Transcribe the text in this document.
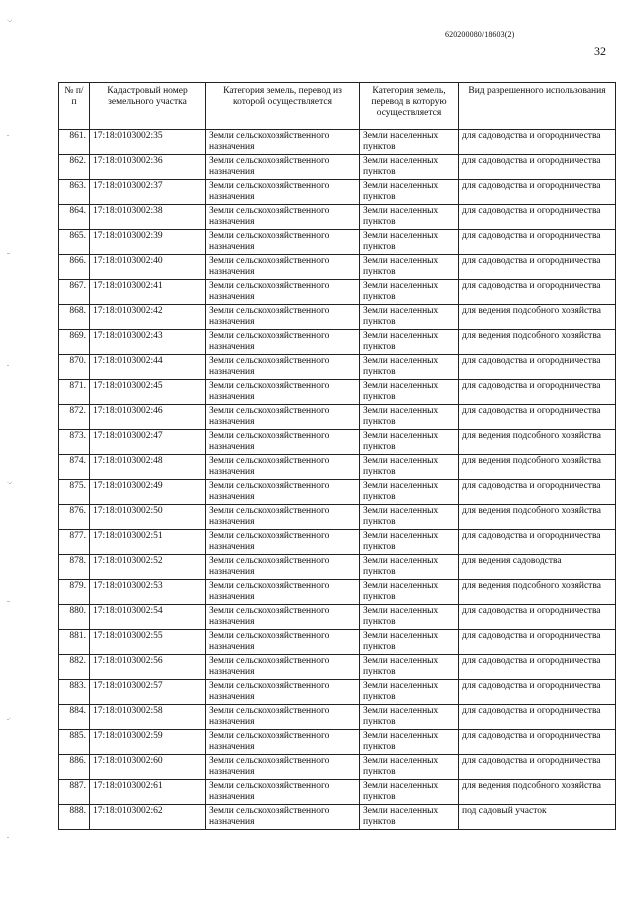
620200080/18603(2)
32
·..·
..
...
..
·..·
...
..·
..
№ п/п	Кадастровый номер земельного участка	Категория земель, перевод из которой осуществляется	Категория земель, перевод в которую осуществляется	Вид разрешенного использования
861.	17:18:0103002:35	Земли сельскохозяйственного назначения	Земли населенных пунктов	для садоводства и огородничества
862.	17:18:0103002:36	Земли сельскохозяйственного назначения	Земли населенных пунктов	для садоводства и огородничества
863.	17:18:0103002:37	Земли сельскохозяйственного назначения	Земли населенных пунктов	для садоводства и огородничества
864.	17:18:0103002:38	Земли сельскохозяйственного назначения	Земли населенных пунктов	для садоводства и огородничества
865.	17:18:0103002:39	Земли сельскохозяйственного назначения	Земли населенных пунктов	для садоводства и огородничества
866.	17:18:0103002:40	Земли сельскохозяйственного назначения	Земли населенных пунктов	для садоводства и огородничества
867.	17:18:0103002:41	Земли сельскохозяйственного назначения	Земли населенных пунктов	для садоводства и огородничества
868.	17:18:0103002:42	Земли сельскохозяйственного назначения	Земли населенных пунктов	для ведения подсобного хозяйства
869.	17:18:0103002:43	Земли сельскохозяйственного назначения	Земли населенных пунктов	для ведения подсобного хозяйства
870.	17:18:0103002:44	Земли сельскохозяйственного назначения	Земли населенных пунктов	для садоводства и огородничества
871.	17:18:0103002:45	Земли сельскохозяйственного назначения	Земли населенных пунктов	для садоводства и огородничества
872.	17:18:0103002:46	Земли сельскохозяйственного назначения	Земли населенных пунктов	для садоводства и огородничества
873.	17:18:0103002:47	Земли сельскохозяйственного назначения	Земли населенных пунктов	для ведения подсобного хозяйства
874.	17:18:0103002:48	Земли сельскохозяйственного назначения	Земли населенных пунктов	для ведения подсобного хозяйства
875.	17:18:0103002:49	Земли сельскохозяйственного назначения	Земли населенных пунктов	для садоводства и огородничества
876.	17:18:0103002:50	Земли сельскохозяйственного назначения	Земли населенных пунктов	для ведения подсобного хозяйства
877.	17:18:0103002:51	Земли сельскохозяйственного назначения	Земли населенных пунктов	для садоводства и огородничества
878.	17:18:0103002:52	Земли сельскохозяйственного назначения	Земли населенных пунктов	для ведения садоводства
879.	17:18:0103002:53	Земли сельскохозяйственного назначения	Земли населенных пунктов	для ведения подсобного хозяйства
880.	17:18:0103002:54	Земли сельскохозяйственного назначения	Земли населенных пунктов	для садоводства и огородничества
881.	17:18:0103002:55	Земли сельскохозяйственного назначения	Земли населенных пунктов	для садоводства и огородничества
882.	17:18:0103002:56	Земли сельскохозяйственного назначения	Земли населенных пунктов	для садоводства и огородничества
883.	17:18:0103002:57	Земли сельскохозяйственного назначения	Земли населенных пунктов	для садоводства и огородничества
884.	17:18:0103002:58	Земли сельскохозяйственного назначения	Земли населенных пунктов	для садоводства и огородничества
885.	17:18:0103002:59	Земли сельскохозяйственного назначения	Земли населенных пунктов	для садоводства и огородничества
886.	17:18:0103002:60	Земли сельскохозяйственного назначения	Земли населенных пунктов	для садоводства и огородничества
887.	17:18:0103002:61	Земли сельскохозяйственного назначения	Земли населенных пунктов	для ведения подсобного хозяйства
888.	17:18:0103002:62	Земли сельскохозяйственного назначения	Земли населенных пунктов	под садовый участок
